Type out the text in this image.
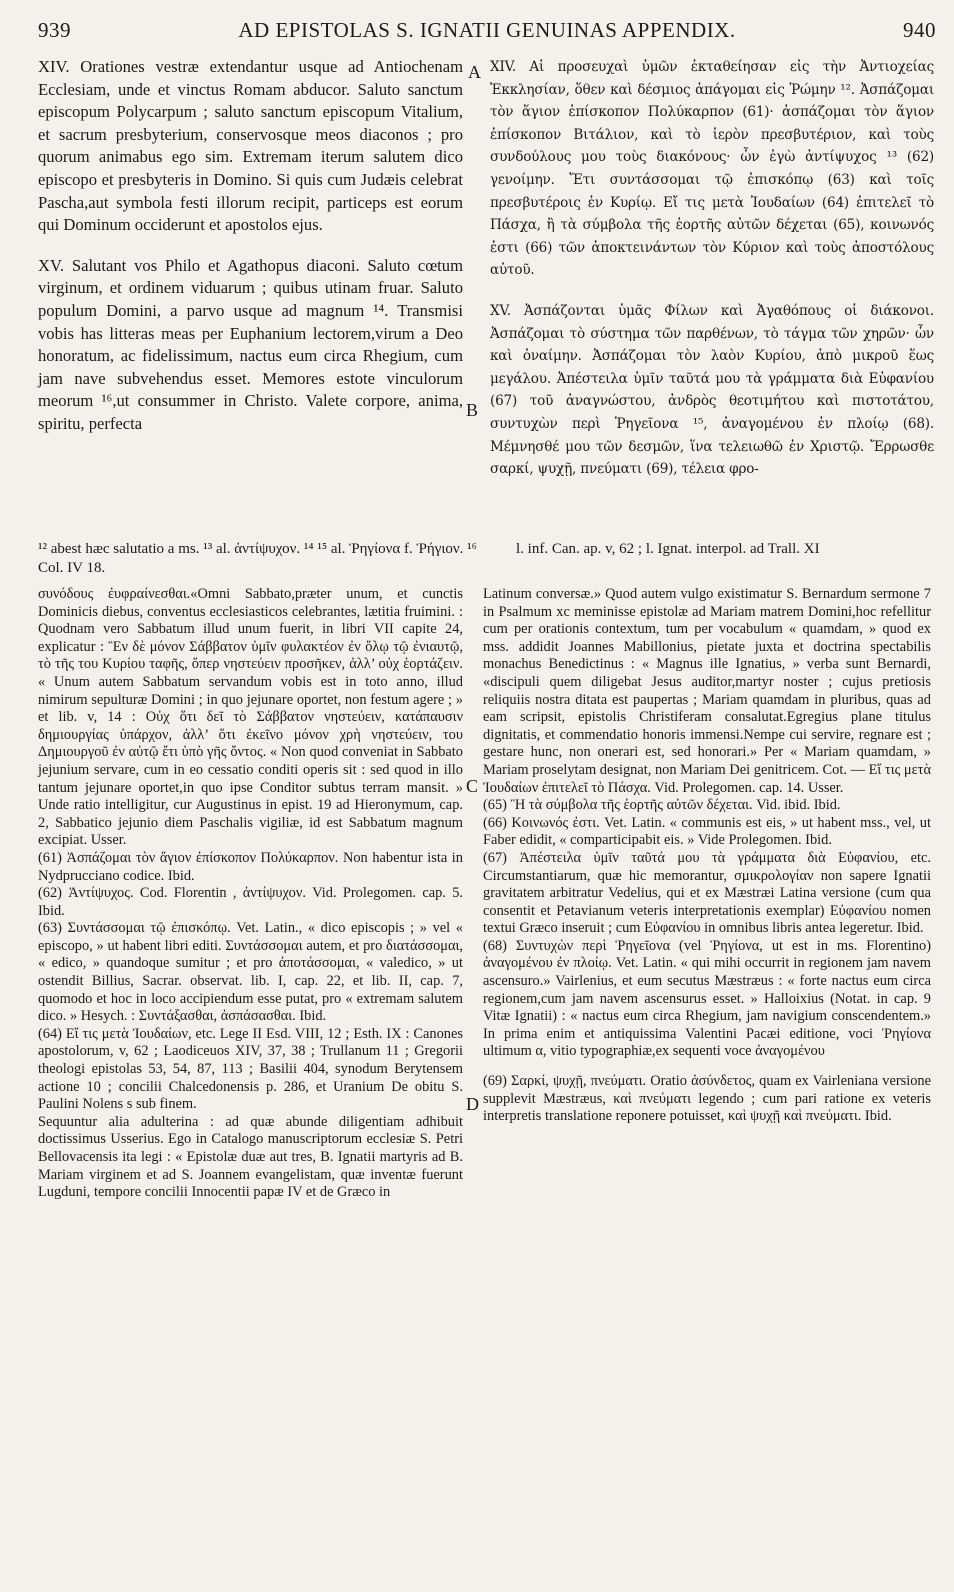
939	AD EPISTOLAS S. IGNATII GENUINAS APPENDIX.	940

XIV. Orationes vestræ extendantur usque ad Antiochenam Ecclesiam, unde et vinctus Romam abducor. Saluto sanctum episcopum Polycarpum ; saluto sanctum episcopum Vitalium, et sacrum presbyterium, conservosque meos diaconos ; pro quorum animabus ego sim. Extremam iterum salutem dico episcopo et presbyteris in Domino. Si quis cum Judæis celebrat Pascha,aut symbola festi illorum recipit, particeps est eorum qui Dominum occiderunt et apostolos ejus.

XV. Salutant vos Philo et Agathopus diaconi. Saluto cœtum virginum, et ordinem viduarum ; quibus utinam fruar. Saluto populum Domini, a parvo usque ad magnum ¹⁴. Transmisi vobis has litteras meas per Euphanium lectorem,virum a Deo honoratum, ac fidelissimum, nactus eum circa Rhegium, cum jam nave subvehendus esset. Memores estote vinculorum meorum ¹⁶,ut consummer in Christo. Valete corpore, anima, spiritu, perfecta

XIV. Αἱ προσευχαὶ ὑμῶν ἐκταθείησαν εἰς τὴν Ἀντιοχείας Ἐκκλησίαν, ὅθεν καὶ δέσμιος ἀπάγομαι εἰς Ῥώμην ¹². Ἀσπάζομαι τὸν ἅγιον ἐπίσκοπον Πολύκαρπον (61)· ἀσπάζομαι τὸν ἅγιον ἐπίσκοπον Βιτάλιον, καὶ τὸ ἱερὸν πρεσβυτέριον, καὶ τοὺς συνδούλους μου τοὺς διακόνους· ὧν ἐγὼ ἀντίψυχος ¹³ (62) γενοίμην. Ἔτι συντάσσομαι τῷ ἐπισκόπῳ (63) καὶ τοῖς πρεσβυτέροις ἐν Κυρίῳ. Εἴ τις μετὰ Ἰουδαίων (64) ἐπιτελεῖ τὸ Πάσχα, ἢ τὰ σύμβολα τῆς ἑορτῆς αὐτῶν δέχεται (65), κοινωνός ἐστι (66) τῶν ἀποκτεινάντων τὸν Κύριον καὶ τοὺς ἀποστόλους αὐτοῦ.

XV. Ἀσπάζονται ὑμᾶς Φίλων καὶ Ἀγαθόπους οἱ διάκονοι. Ἀσπάζομαι τὸ σύστημα τῶν παρθένων, τὸ τάγμα τῶν χηρῶν· ὧν καὶ ὀναίμην. Ἀσπάζομαι τὸν λαὸν Κυρίου, ἀπὸ μικροῦ ἕως μεγάλου. Ἀπέστειλα ὑμῖν ταῦτά μου τὰ γράμματα διὰ Εὐφανίου (67) τοῦ ἀναγνώστου, ἀνδρὸς θεοτιμήτου καὶ πιστοτάτου, συντυχὼν περὶ Ῥηγεῖονα ¹⁵, ἀναγομένου ἐν πλοίῳ (68). Μέμνησθέ μου τῶν δεσμῶν, ἵνα τελειωθῶ ἐν Χριστῷ. Ἔρρωσθε σαρκί, ψυχῇ, πνεύματι (69), τέλεια φρο-

A
B
C
D
¹² abest hæc salutatio a ms. ¹³ al. ἀντίψυχον. ¹⁴ ¹⁵ al. Ῥηγίονα f. Ῥήγιον. ¹⁶ Col. IV 18.
l. inf. Can. ap. v, 62 ; l. Ignat. interpol. ad Trall. XI

συνόδους ἐυφραίνεσθαι.«Omni Sabbato,præter unum, et cunctis Dominicis diebus, conventus ecclesiasticos celebrantes, lætitia fruimini. : Quodnam vero Sabbatum illud unum fuerit, in libri VII capite 24, explicatur : Ἓν δὲ μόνον Σάββατον ὑμῖν φυλακτέον ἐν ὅλῳ τῷ ἐνιαυτῷ, τὸ τῆς του Κυρίου ταφῆς, ὅπερ νηστεύειν προσῆκεν, ἀλλ’ οὐχ ἑορτάζειν. « Unum autem Sabbatum servandum vobis est in toto anno, illud nimirum sepulturæ Domini ; in quo jejunare oportet, non festum agere ; » et lib. v, 14 : Οὐχ ὅτι δεῖ τὸ Σάββατον νηστεύειν, κατάπαυσιν δημιουργίας ὑπάρχον, ἀλλ’ ὅτι ἐκεῖνο μόνον χρὴ νηστεύειν, του Δημιουργοῦ ἐν αὐτῷ ἔτι ὑπὸ γῆς ὄντος. « Non quod conveniat in Sabbato jejunium servare, cum in eo cessatio conditi operis sit : sed quod in illo tantum jejunare oportet,in quo ipse Conditor subtus terram mansit. » Unde ratio intelligitur, cur Augustinus in epist. 19 ad Hieronymum, cap. 2, Sabbatico jejunio diem Paschalis vigiliæ, id est Sabbatum magnum excipiat. Usser.

(61) Ἀσπάζομαι τὸν ἅγιον ἐπίσκοπον Πολύκαρπον. Non habentur ista in Nydprucciano codice. Ibid.

(62) Ἀντίψυχος. Cod. Florentin , ἀντίψυχον. Vid. Prolegomen. cap. 5. Ibid.

(63) Συντάσσομαι τῷ ἐπισκόπῳ. Vet. Latin., « dico episcopis ; » vel « episcopo, » ut habent libri editi. Συντάσσομαι autem, et pro διατάσσομαι, « edico, » quandoque sumitur ; et pro ἀποτάσσομαι, « valedico, » ut ostendit Billius, Sacrar. observat. lib. I, cap. 22, et lib. II, cap. 7, quomodo et hoc in loco accipiendum esse putat, pro « extremam salutem dico. » Hesych. : Συντάξασθαι, ἀσπάσασθαι. Ibid.

(64) Εἴ τις μετὰ Ἰουδαίων, etc. Lege II Esd. VIII, 12 ; Esth. IX : Canones apostolorum, v, 62 ; Laodiceuos XIV, 37, 38 ; Trullanum 11 ; Gregorii theologi epistolas 53, 54, 87, 113 ; Basilii 404, synodum Berytensem actione 10 ; concilii Chalcedonensis p. 286, et Uranium De obitu S. Paulini Nolens s sub finem.

Sequuntur alia adulterina : ad quæ abunde diligentiam adhibuit doctissimus Usserius. Ego in Catalogo manuscriptorum ecclesiæ S. Petri Bellovacensis ita legi : « Epistolæ duæ aut tres, B. Ignatii martyris ad B. Mariam virginem et ad S. Joannem evangelistam, quæ inventæ fuerunt Lugduni, tempore concilii Innocentii papæ IV et de Græco in

Latinum conversæ.» Quod autem vulgo existimatur S. Bernardum sermone 7 in Psalmum xc meminisse epistolæ ad Mariam matrem Domini,hoc refellitur cum per orationis contextum, tum per vocabulum « quamdam, » quod ex mss. addidit Joannes Mabillonius, pietate juxta et doctrina spectabilis monachus Benedictinus : « Magnus ille Ignatius, » verba sunt Bernardi, «discipuli quem diligebat Jesus auditor,martyr noster ; cujus pretiosis reliquiis nostra ditata est paupertas ; Mariam quamdam in pluribus, quas ad eam scripsit, epistolis Christiferam consalutat.Egregius plane titulus dignitatis, et commendatio honoris immensi.Nempe cui servire, regnare est ; gestare hunc, non onerari est, sed honorari.» Per « Mariam quamdam, » Mariam proselytam designat, non Mariam Dei genitricem. Cot. — Εἴ τις μετὰ Ἰουδαίων ἐπιτελεῖ τὸ Πάσχα. Vid. Prolegomen. cap. 14. Usser.

(65) Ἢ τὰ σύμβολα τῆς ἑορτῆς αὐτῶν δέχεται. Vid. ibid. Ibid.

(66) Κοινωνός ἐστι. Vet. Latin. « communis est eis, » ut habent mss., vel, ut Faber edidit, « comparticipabit eis. » Vide Prolegomen. Ibid.

(67) Ἀπέστειλα ὑμῖν ταῦτά μου τὰ γράμματα διὰ Εὐφανίου, etc. Circumstantiarum, quæ hic memorantur, σμικρολογίαν non sapere Ignatii gravitatem arbitratur Vedelius, qui et ex Mæstræi Latina versione (cum qua consentit et Petavianum veteris interpretationis exemplar) Εὐφανίου nomen textui Græco inseruit ; cum Εὐφανίου in omnibus libris antea legeretur. Ibid.

(68) Συντυχὼν περὶ Ῥηγεῖονα (vel Ῥηγίονα, ut est in ms. Florentino) ἀναγομένου ἐν πλοίῳ. Vet. Latin. « qui mihi occurrit in regionem jam navem ascensuro.» Vairlenius, et eum secutus Mæstræus : « forte nactus eum circa regionem,cum jam navem ascensurus esset. » Halloixius (Notat. in cap. 9 Vitæ Ignatii) : « nactus eum circa Rhegium, jam navigium conscendentem.» In prima enim et antiquissima Valentini Pacæi editione, voci Ῥηγίονα ultimum α, vitio typographiæ,ex sequenti voce ἀναγομένου

(69) Σαρκί, ψυχῇ, πνεύματι. Oratio ἀσύνδετος, quam ex Vairleniana versione supplevit Mæstræus, καὶ πνεύματι legendo ; cum pari ratione ex veteris interpretis translatione reponere potuisset, καὶ ψυχῇ καὶ πνεύματι. Ibid.
